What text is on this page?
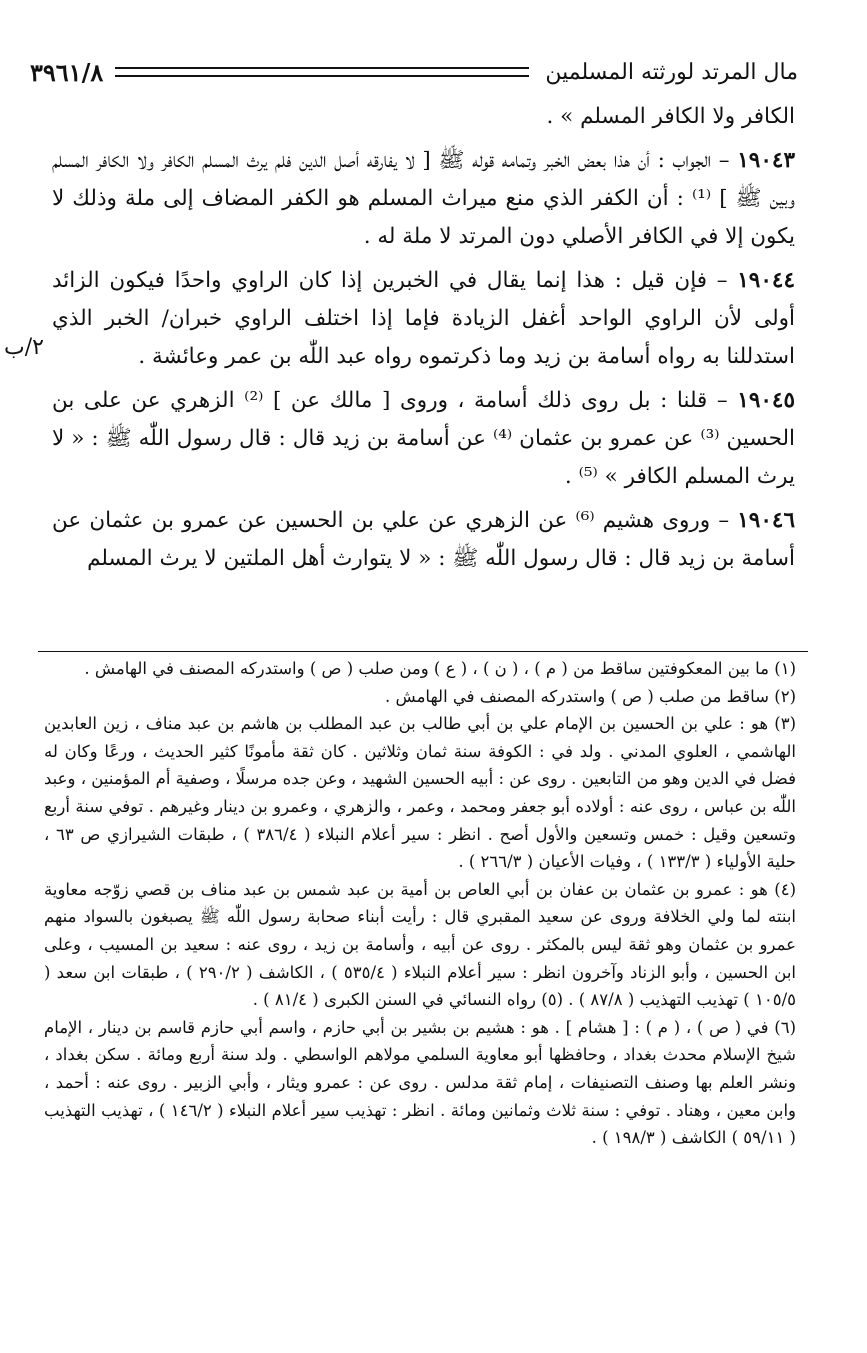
مال المرتد لورثته المسلمين
٣٩٦١/٨
٢/ب

الكافر ولا الكافر المسلم » .

١٩٠٤٣ – الجواب : أن هذا بعض الخبر وتمامه قوله ﷺ [ لا يفارقه أصل الدين فلم يرث المسلم الكافر ولا الكافر المسلم وبين ﷺ ] ⁽¹⁾ : أن الكفر الذي منع ميراث المسلم هو الكفر المضاف إلى ملة وذلك لا يكون إلا في الكافر الأصلي دون المرتد لا ملة له .

١٩٠٤٤ – فإن قيل : هذا إنما يقال في الخبرين إذا كان الراوي واحدًا فيكون الزائد أولى لأن الراوي الواحد أغفل الزيادة فإما إذا اختلف الراوي خبران/ الخبر الذي استدللنا به رواه أسامة بن زيد وما ذكرتموه رواه عبد اللّٰه بن عمر وعائشة .

١٩٠٤٥ – قلنا : بل روى ذلك أسامة ، وروى [ مالك عن ] ⁽²⁾ الزهري عن على بن الحسين ⁽³⁾ عن عمرو بن عثمان ⁽⁴⁾ عن أسامة بن زيد قال : قال رسول اللّٰه ﷺ : « لا يرث المسلم الكافر » ⁽⁵⁾ .

١٩٠٤٦ – وروى هشيم ⁽⁶⁾ عن الزهري عن علي بن الحسين عن عمرو بن عثمان عن أسامة بن زيد قال : قال رسول اللّٰه ﷺ : « لا يتوارث أهل الملتين لا يرث المسلم

(١) ما بين المعكوفتين ساقط من ( م ) ، ( ن ) ، ( ع ) ومن صلب ( ص ) واستدركه المصنف في الهامش .

(٢) ساقط من صلب ( ص ) واستدركه المصنف في الهامش .

(٣) هو : علي بن الحسين بن الإمام علي بن أبي طالب بن عبد المطلب بن هاشم بن عبد مناف ، زين العابدين الهاشمي ، العلوي المدني . ولد في : الكوفة سنة ثمان وثلاثين . كان ثقة مأمونًا كثير الحديث ، ورعًا وكان له فضل في الدين وهو من التابعين . روى عن : أبيه الحسين الشهيد ، وعن جده مرسلًا ، وصفية أم المؤمنين ، وعبد اللّٰه بن عباس ، روى عنه : أولاده أبو جعفر ومحمد ، وعمر ، والزهري ، وعمرو بن دينار وغيرهم . توفي سنة أربع وتسعين وقيل : خمس وتسعين والأول أصح . انظر : سير أعلام النبلاء ( ٣٨٦/٤ ) ، طبقات الشيرازي ص ٦٣ ، حلية الأولياء ( ١٣٣/٣ ) ، وفيات الأعيان ( ٢٦٦/٣ ) .

(٤) هو : عمرو بن عثمان بن عفان بن أبي العاص بن أمية بن عبد شمس بن عبد مناف بن قصي زوّجه معاوية ابنته لما ولي الخلافة وروى عن سعيد المقبري قال : رأيت أبناء صحابة رسول اللّٰه ﷺ يصبغون بالسواد منهم عمرو بن عثمان وهو ثقة ليس بالمكثر . روى عن أبيه ، وأسامة بن زيد ، روى عنه : سعيد بن المسيب ، وعلى ابن الحسين ، وأبو الزناد وآخرون انظر : سير أعلام النبلاء ( ٥٣٥/٤ ) ، الكاشف ( ٢٩٠/٢ ) ، طبقات ابن سعد ( ١٠٥/٥ ) تهذيب التهذيب ( ٨٧/٨ ) . (٥) رواه النسائي في السنن الكبرى ( ٨١/٤ ) .

(٦) في ( ص ) ، ( م ) : [ هشام ] . هو : هشيم بن بشير بن أبي حازم ، واسم أبي حازم قاسم بن دينار ، الإمام شيخ الإسلام محدث بغداد ، وحافظها أبو معاوية السلمي مولاهم الواسطي . ولد سنة أربع ومائة . سكن بغداد ، ونشر العلم بها وصنف التصنيفات ، إمام ثقة مدلس . روى عن : عمرو ويثار ، وأبي الزبير . روى عنه : أحمد ، وابن معين ، وهناد . توفي : سنة ثلاث وثمانين ومائة . انظر : تهذيب سير أعلام النبلاء ( ١٤٦/٢ ) ، تهذيب التهذيب ( ٥٩/١١ ) الكاشف ( ١٩٨/٣ ) .
